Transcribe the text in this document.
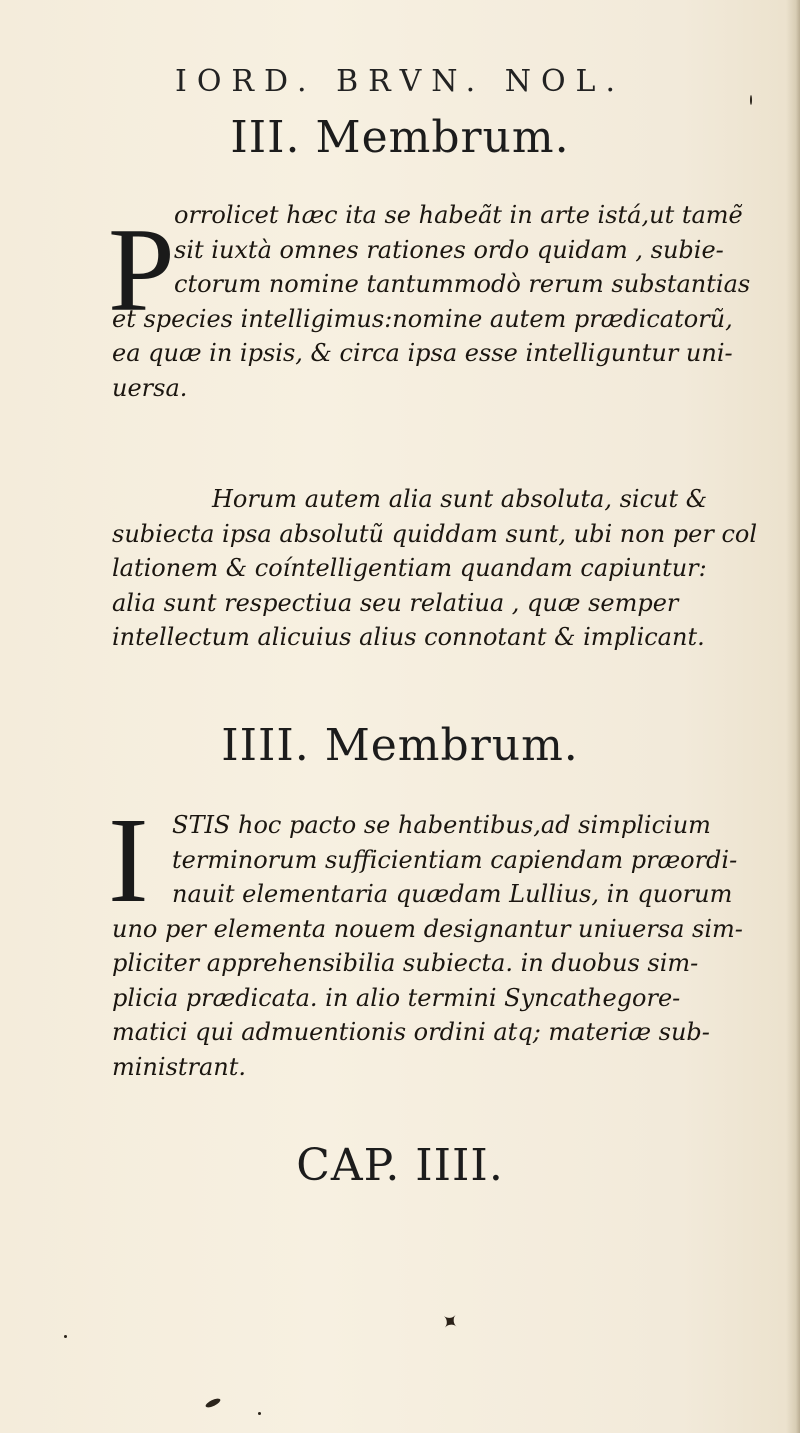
IORD. BRVN. NOL.
III. Membrum.
P orrolicet hæc ita se habeãt in arte istá,ut tamẽ
sit iuxtà omnes rationes ordo quidam , subie-
ctorum nomine tantummodò rerum substantias
et species intelligimus:nomine autem prædicatorũ,
ea quæ in ipsis, & circa ipsa esse intelliguntur uni-
uersa.
Horum autem alia sunt absoluta, sicut &
subiecta ipsa absolutũ quiddam sunt, ubi non per col
lationem & coíntelligentiam quandam capiuntur:
alia sunt respectiua seu relatiua , quæ semper
intellectum alicuius alius connotant & implicant.
IIII. Membrum.
I STIS hoc pacto se habentibus,ad simplicium
terminorum sufficientiam capiendam præordi-
nauit elementaria quædam Lullius, in quorum
uno per elementa nouem designantur uniuersa sim-
pliciter apprehensibilia subiecta. in duobus sim-
plicia prædicata. in alio termini Syncathegore-
matici qui admuentionis ordini atq; materiæ sub-
ministrant.
CAP. IIII.
✦
